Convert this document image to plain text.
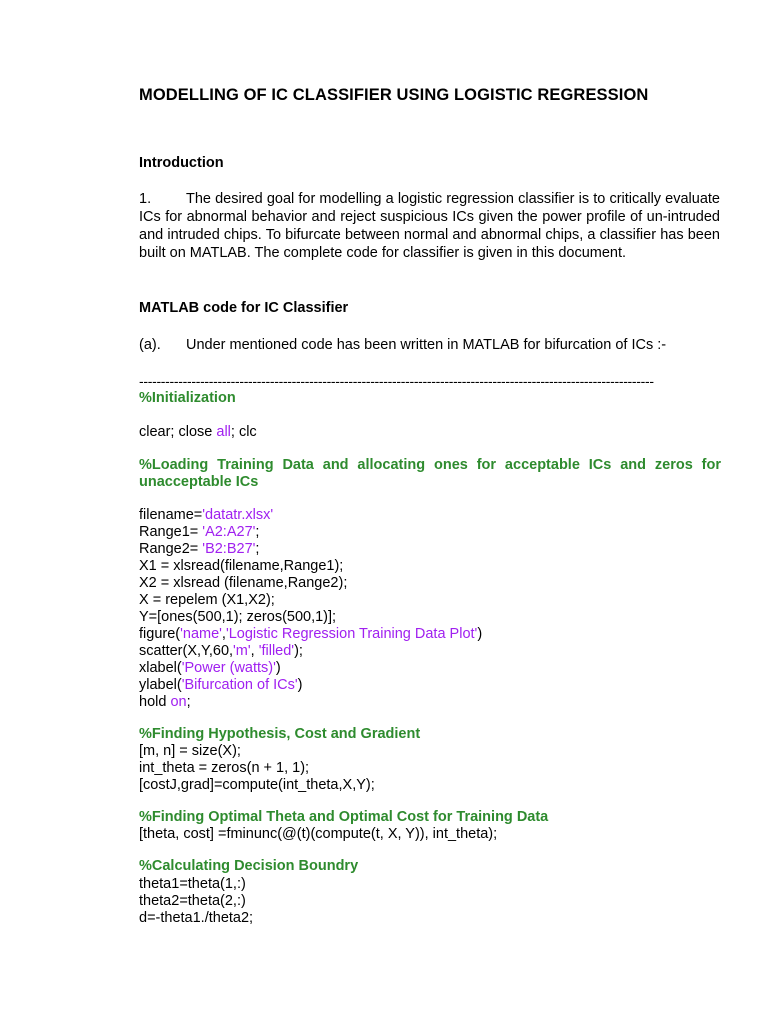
MODELLING OF IC CLASSIFIER USING LOGISTIC REGRESSION
Introduction
1.	The desired goal for modelling a logistic regression classifier is to critically evaluate ICs for abnormal behavior and reject suspicious ICs given the power profile of un-intruded and intruded chips. To bifurcate between normal and abnormal chips, a classifier has been built on MATLAB. The complete code for classifier is given in this document.
MATLAB code for IC Classifier
(a). Under mentioned code has been written in MATLAB for bifurcation of ICs :-
----------------------------------------------------------------------------------------------------------------------
%Initialization
clear; close all; clc
%Loading Training Data and allocating ones for acceptable ICs and zeros for unacceptable ICs
filename='datatr.xlsx'
Range1= 'A2:A27';
Range2= 'B2:B27';
X1 = xlsread(filename,Range1);
X2 = xlsread (filename,Range2);
X = repelem (X1,X2);
Y=[ones(500,1); zeros(500,1)];
figure('name','Logistic Regression Training Data Plot')
scatter(X,Y,60,'m', 'filled');
xlabel('Power (watts)')
ylabel('Bifurcation of ICs')
hold on;
%Finding Hypothesis, Cost and Gradient
[m, n] = size(X);
int_theta = zeros(n + 1, 1);
[costJ,grad]=compute(int_theta,X,Y);
%Finding Optimal Theta and Optimal Cost for Training Data
[theta, cost] =fminunc(@(t)(compute(t, X, Y)), int_theta);
%Calculating Decision Boundry
theta1=theta(1,:)
theta2=theta(2,:)
d=-theta1./theta2;
